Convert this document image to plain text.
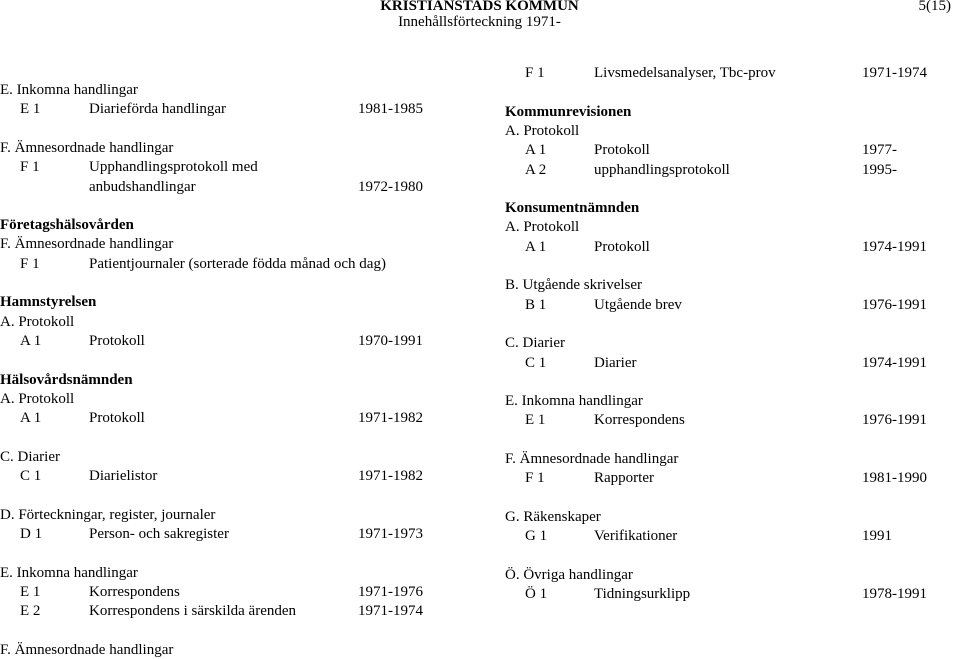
KRISTIANSTADS KOMMUN
Innehållsförteckning 1971-
5(15)
E. Inkomna handlingar
E 1	Diarieförda handlingar	1981-1985
F. Ämnesordnade handlingar
F 1	Upphandlingsprotokoll med
anbudshandlingar	1972-1980
Företagshälsovården
F. Ämnesordnade handlingar
F 1	Patientjournaler (sorterade födda månad och dag)
Hamnstyrelsen
A. Protokoll
A 1	Protokoll	1970-1991
Hälsovårdsnämnden
A. Protokoll
A 1	Protokoll	1971-1982
C. Diarier
C 1	Diarielistor	1971-1982
D. Förteckningar, register, journaler
D 1	Person- och sakregister	1971-1973
E. Inkomna handlingar
E 1	Korrespondens	1971-1976
E 2	Korrespondens i särskilda ärenden	1971-1974
F. Ämnesordnade handlingar
F 1	Livsmedelsanalyser, Tbc-prov	1971-1974
Kommunrevisionen
A. Protokoll
A 1	Protokoll	1977-
A 2	upphandlingsprotokoll	1995-
Konsumentnämnden
A. Protokoll
A 1	Protokoll	1974-1991
B. Utgående skrivelser
B 1	Utgående brev	1976-1991
C. Diarier
C 1	Diarier	1974-1991
E. Inkomna handlingar
E 1	Korrespondens	1976-1991
F. Ämnesordnade handlingar
F 1	Rapporter	1981-1990
G. Räkenskaper
G 1	Verifikationer	1991
Ö. Övriga handlingar
Ö 1	Tidningsurklipp	1978-1991
